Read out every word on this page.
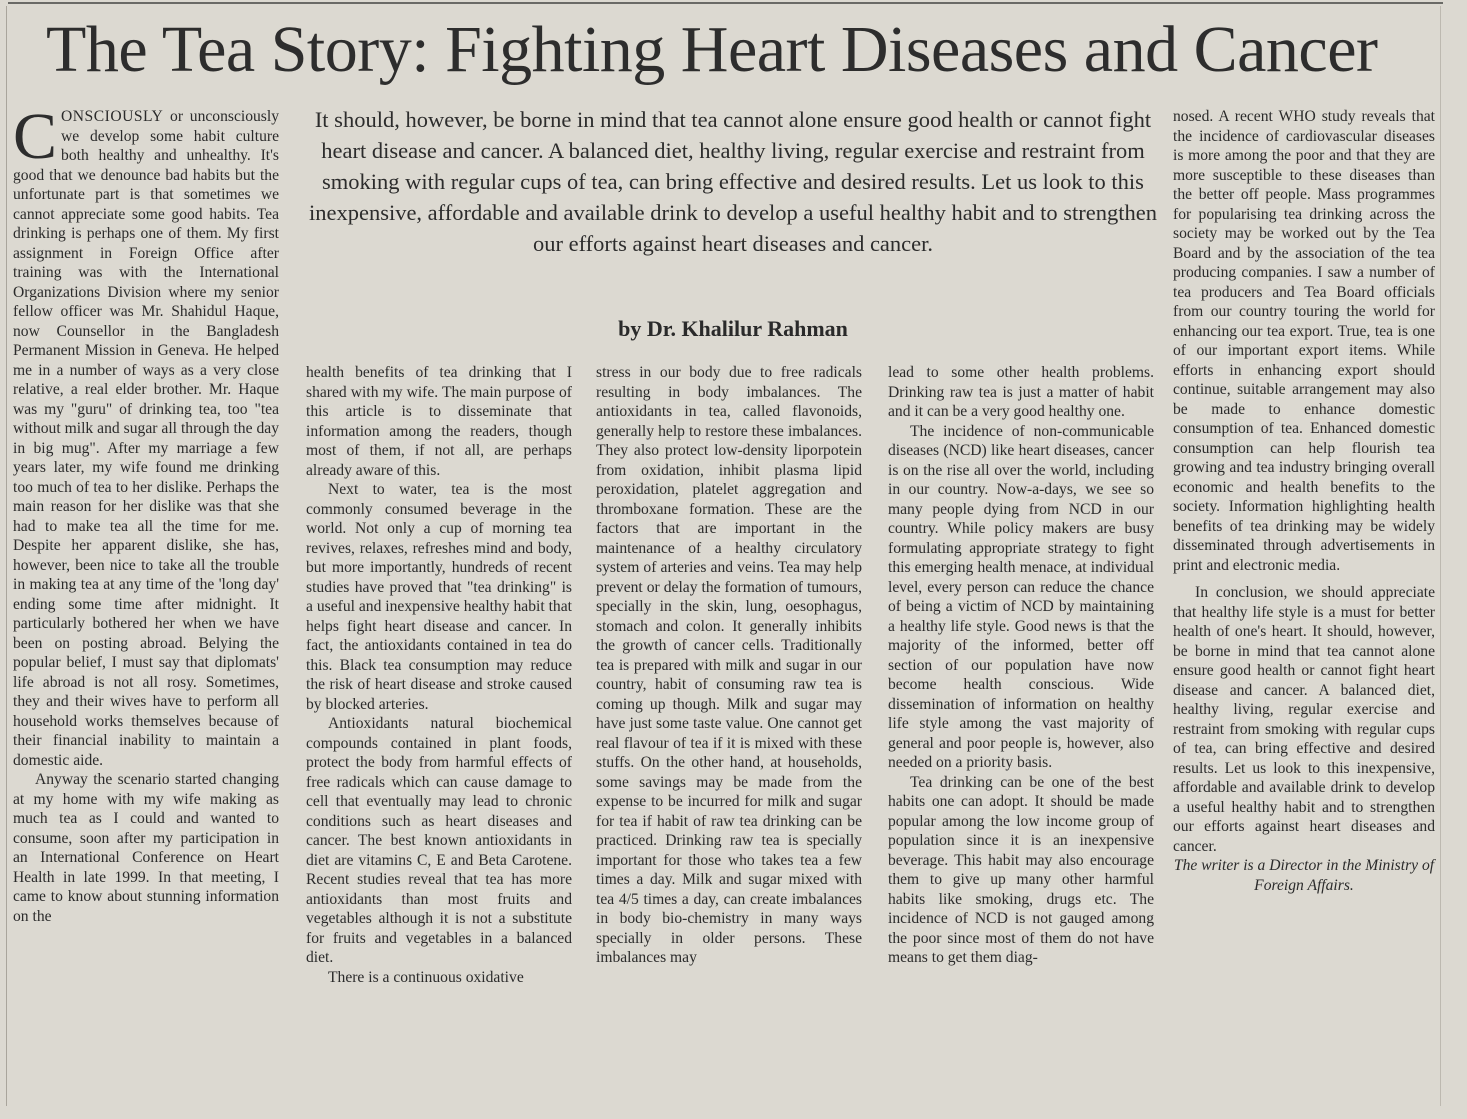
The Tea Story: Fighting Heart Diseases and Cancer

CONSCIOUSLY or unconsciously we develop some habit culture both healthy and unhealthy. It's good that we denounce bad habits but the unfortunate part is that sometimes we cannot appreciate some good habits. Tea drinking is perhaps one of them. My first assignment in Foreign Office after training was with the International Organizations Division where my senior fellow officer was Mr. Shahidul Haque, now Counsellor in the Bangladesh Permanent Mission in Geneva. He helped me in a number of ways as a very close relative, a real elder brother. Mr. Haque was my "guru" of drinking tea, too "tea without milk and sugar all through the day in big mug". After my marriage a few years later, my wife found me drinking too much of tea to her dislike. Perhaps the main reason for her dislike was that she had to make tea all the time for me. Despite her apparent dislike, she has, however, been nice to take all the trouble in making tea at any time of the 'long day' ending some time after midnight. It particularly bothered her when we have been on posting abroad. Belying the popular belief, I must say that diplomats' life abroad is not all rosy. Sometimes, they and their wives have to perform all household works themselves because of their financial inability to maintain a domestic aide.

Anyway the scenario started changing at my home with my wife making as much tea as I could and wanted to consume, soon after my participation in an International Conference on Heart Health in late 1999. In that meeting, I came to know about stunning information on the

It should, however, be borne in mind that tea cannot alone ensure good health or cannot fight heart disease and cancer. A balanced diet, healthy living, regular exercise and restraint from smoking with regular cups of tea, can bring effective and desired results. Let us look to this inexpensive, affordable and available drink to develop a useful healthy habit and to strengthen our efforts against heart diseases and cancer.
by Dr. Khalilur Rahman

health benefits of tea drinking that I shared with my wife. The main purpose of this article is to disseminate that information among the readers, though most of them, if not all, are perhaps already aware of this.

Next to water, tea is the most commonly consumed beverage in the world. Not only a cup of morning tea revives, relaxes, refreshes mind and body, but more importantly, hundreds of recent studies have proved that "tea drinking" is a useful and inexpensive healthy habit that helps fight heart disease and cancer. In fact, the antioxidants contained in tea do this. Black tea consumption may reduce the risk of heart disease and stroke caused by blocked arteries.

Antioxidants natural biochemical compounds contained in plant foods, protect the body from harmful effects of free radicals which can cause damage to cell that eventually may lead to chronic conditions such as heart diseases and cancer. The best known antioxidants in diet are vitamins C, E and Beta Carotene. Recent studies reveal that tea has more antioxidants than most fruits and vegetables although it is not a substitute for fruits and vegetables in a balanced diet.

There is a continuous oxidative

stress in our body due to free radicals resulting in body imbalances. The antioxidants in tea, called flavonoids, generally help to restore these imbalances. They also protect low-density liporpotein from oxidation, inhibit plasma lipid peroxidation, platelet aggregation and thromboxane formation. These are the factors that are important in the maintenance of a healthy circulatory system of arteries and veins. Tea may help prevent or delay the formation of tumours, specially in the skin, lung, oesophagus, stomach and colon. It generally inhibits the growth of cancer cells. Traditionally tea is prepared with milk and sugar in our country, habit of consuming raw tea is coming up though. Milk and sugar may have just some taste value. One cannot get real flavour of tea if it is mixed with these stuffs. On the other hand, at households, some savings may be made from the expense to be incurred for milk and sugar for tea if habit of raw tea drinking can be practiced. Drinking raw tea is specially important for those who takes tea a few times a day. Milk and sugar mixed with tea 4/5 times a day, can create imbalances in body bio-chemistry in many ways specially in older persons. These imbalances may

lead to some other health problems. Drinking raw tea is just a matter of habit and it can be a very good healthy one.

The incidence of non-communicable diseases (NCD) like heart diseases, cancer is on the rise all over the world, including in our country. Now-a-days, we see so many people dying from NCD in our country. While policy makers are busy formulating appropriate strategy to fight this emerging health menace, at individual level, every person can reduce the chance of being a victim of NCD by maintaining a healthy life style. Good news is that the majority of the informed, better off section of our population have now become health conscious. Wide dissemination of information on healthy life style among the vast majority of general and poor people is, however, also needed on a priority basis.

Tea drinking can be one of the best habits one can adopt. It should be made popular among the low income group of population since it is an inexpensive beverage. This habit may also encourage them to give up many other harmful habits like smoking, drugs etc. The incidence of NCD is not gauged among the poor since most of them do not have means to get them diag-

nosed. A recent WHO study reveals that the incidence of cardiovascular diseases is more among the poor and that they are more susceptible to these diseases than the better off people. Mass programmes for popularising tea drinking across the society may be worked out by the Tea Board and by the association of the tea producing companies. I saw a number of tea producers and Tea Board officials from our country touring the world for enhancing our tea export. True, tea is one of our important export items. While efforts in enhancing export should continue, suitable arrangement may also be made to enhance domestic consumption of tea. Enhanced domestic consumption can help flourish tea growing and tea industry bringing overall economic and health benefits to the society. Information highlighting health benefits of tea drinking may be widely disseminated through advertisements in print and electronic media.

In conclusion, we should appreciate that healthy life style is a must for better health of one's heart. It should, however, be borne in mind that tea cannot alone ensure good health or cannot fight heart disease and cancer. A balanced diet, healthy living, regular exercise and restraint from smoking with regular cups of tea, can bring effective and desired results. Let us look to this inexpensive, affordable and available drink to develop a useful healthy habit and to strengthen our efforts against heart diseases and cancer.

The writer is a Director in the Ministry of Foreign Affairs.
